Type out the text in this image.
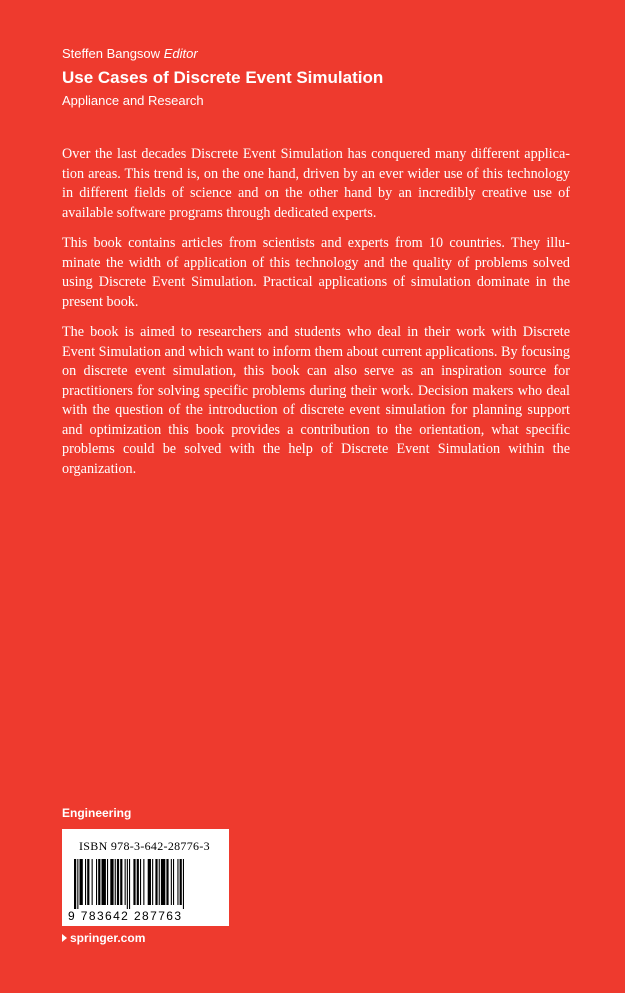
Steffen Bangsow Editor
Use Cases of Discrete Event Simulation
Appliance and Research

Over the last decades Discrete Event Simulation has conquered many different application areas. This trend is, on the one hand, driven by an ever wider use of this technology in different fields of science and on the other hand by an incredibly creative use of available software programs through dedicated experts.

This book contains articles from scientists and experts from 10 countries. They illuminate the width of application of this technology and the quality of problems solved using Discrete Event Simulation. Practical applications of simulation dominate in the present book.

The book is aimed to researchers and students who deal in their work with Discrete Event Simulation and which want to inform them about current applications. By focusing on discrete event simulation, this book can also serve as an inspiration source for practitioners for solving specific problems during their work. Decision makers who deal with the question of the introduction of discrete event simulation for planning support and optimization this book provides a contribution to the orientation, what specific problems could be solved with the help of Discrete Event Simulation within the organization.

Engineering
ISBN 978-3-642-28776-3
9 783642 287763
springer.com
